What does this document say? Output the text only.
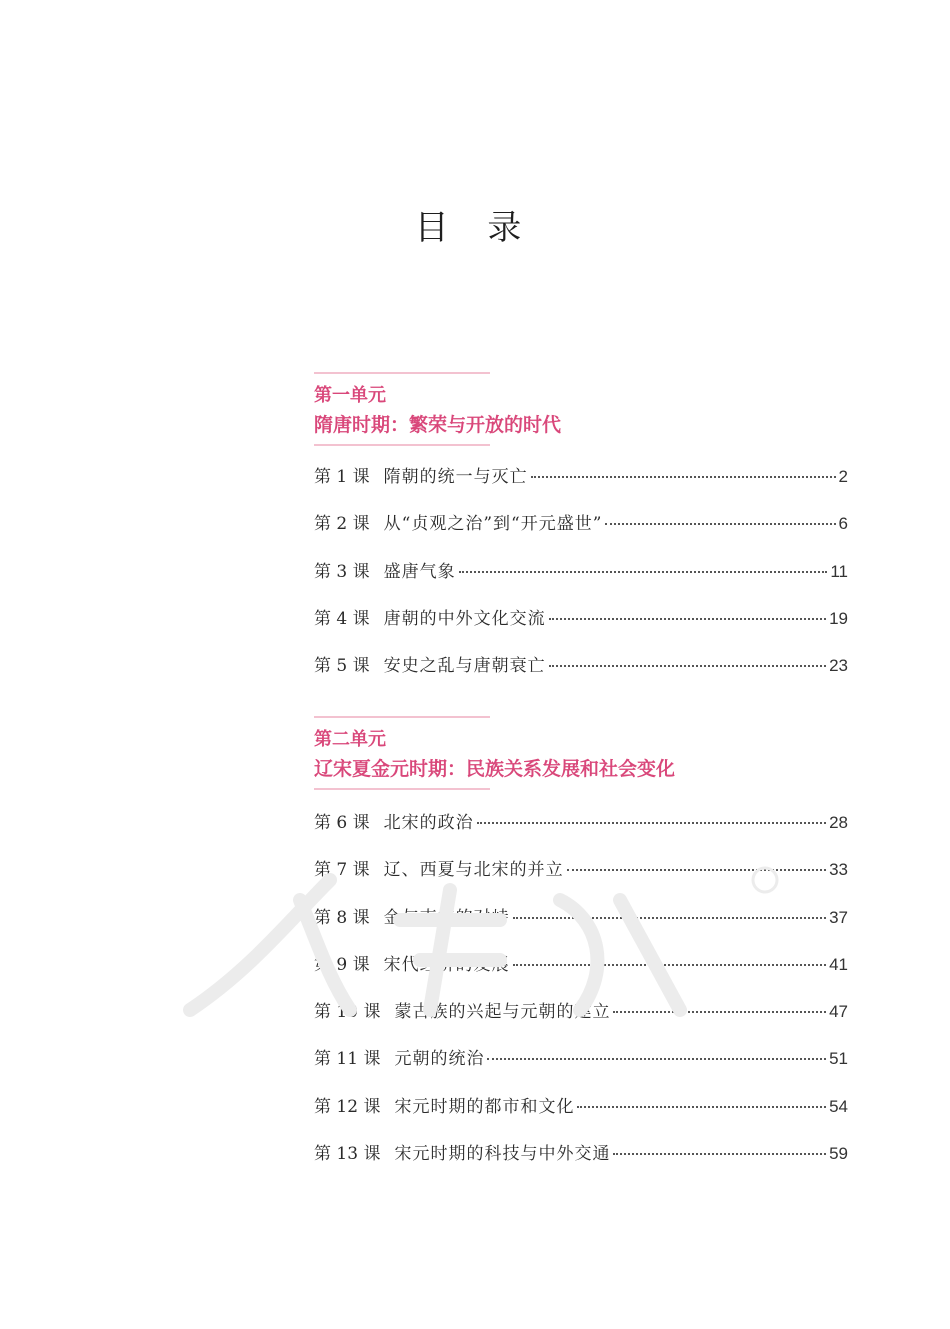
目 录
第一单元
隋唐时期：繁荣与开放的时代
第 1 课 隋朝的统一与灭亡	2
第 2 课 从“贞观之治”到“开元盛世”	6
第 3 课 盛唐气象	11
第 4 课 唐朝的中外文化交流	19
第 5 课 安史之乱与唐朝衰亡	23
第二单元
辽宋夏金元时期：民族关系发展和社会变化
第 6 课 北宋的政治	28
第 7 课 辽、西夏与北宋的并立	33
第 8 课 金与南宋的对峙	37
第 9 课 宋代经济的发展	41
第 10 课 蒙古族的兴起与元朝的建立	47
第 11 课 元朝的统治	51
第 12 课 宋元时期的都市和文化	54
第 13 课 宋元时期的科技与中外交通	59
